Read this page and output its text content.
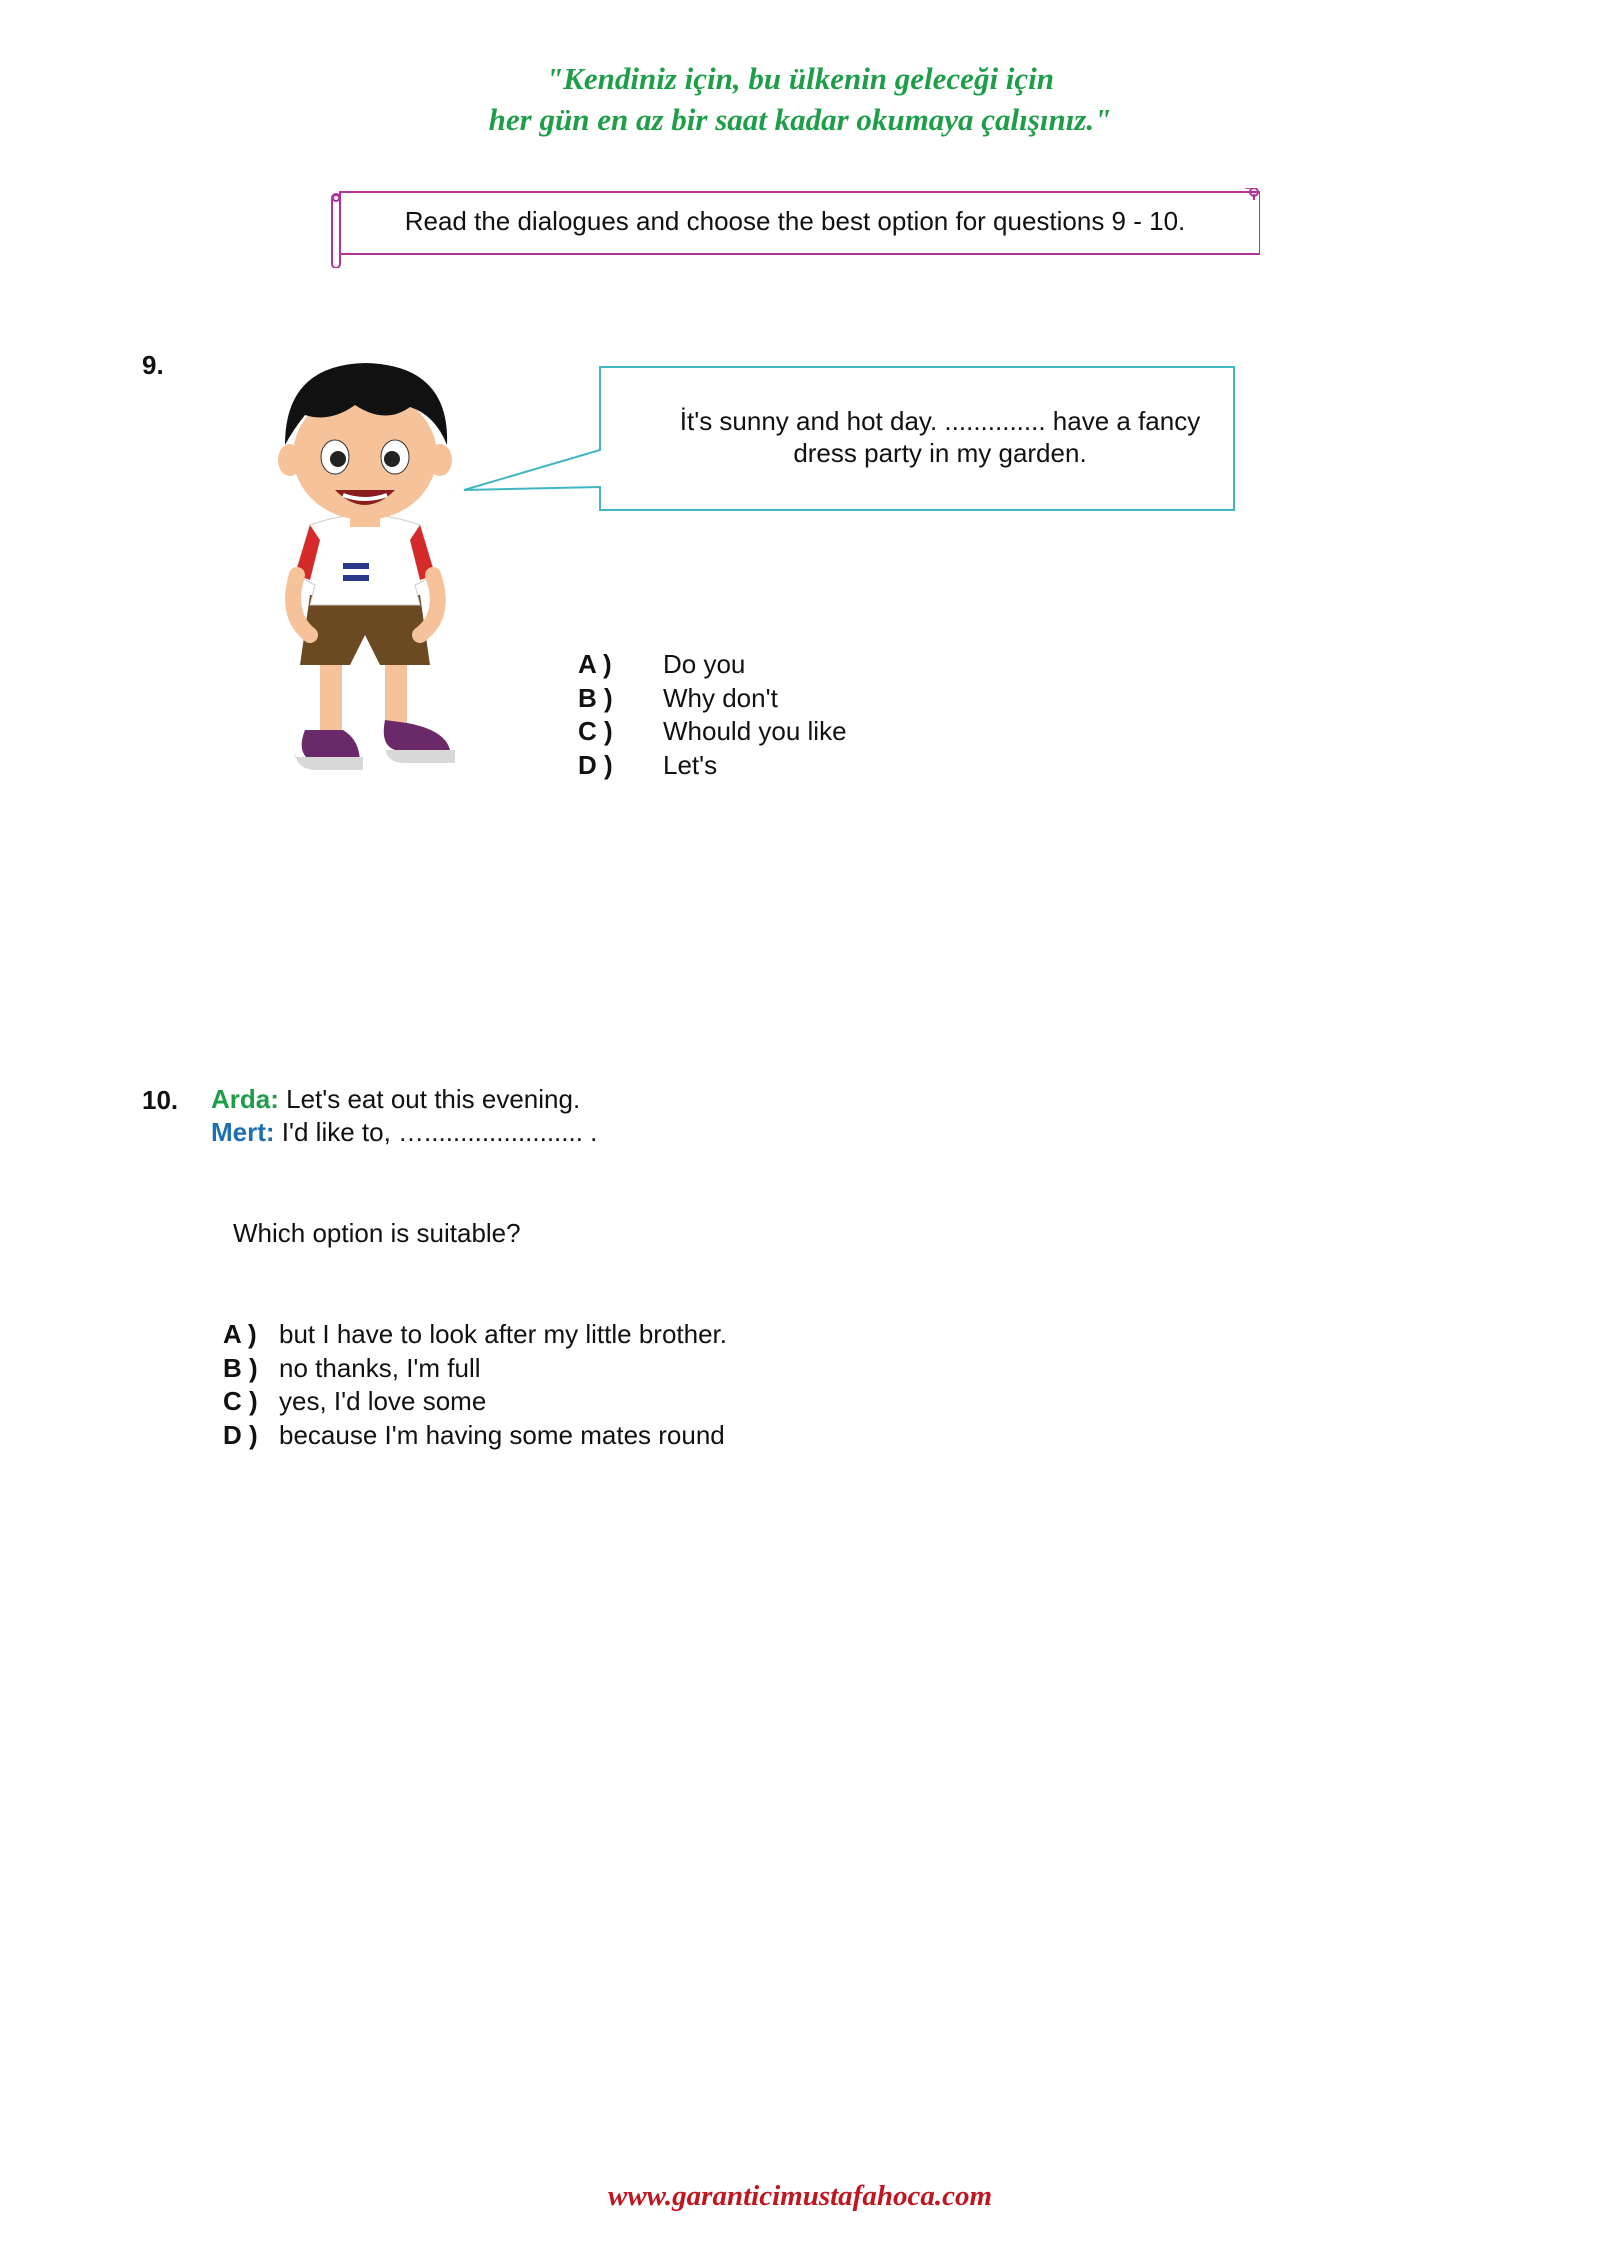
"Kendiniz için, bu ülkenin geleceği için
her gün en az bir saat kadar okumaya çalışınız."
Read the dialogues and choose the best option for questions 9 - 10.
9.
İt's sunny and hot day. .............. have a fancy dress party in my garden.
A ) Do you
B ) Why don't
C ) Whould you like
D ) Let's
10. Arda: Let's eat out this evening.
Mert: I'd like to, …...................... .
Which option is suitable?
A ) but I have to look after my little brother.
B ) no thanks, I'm full
C ) yes, I'd love some
D ) because I'm having some mates round
www.garanticimustafahoca.com
